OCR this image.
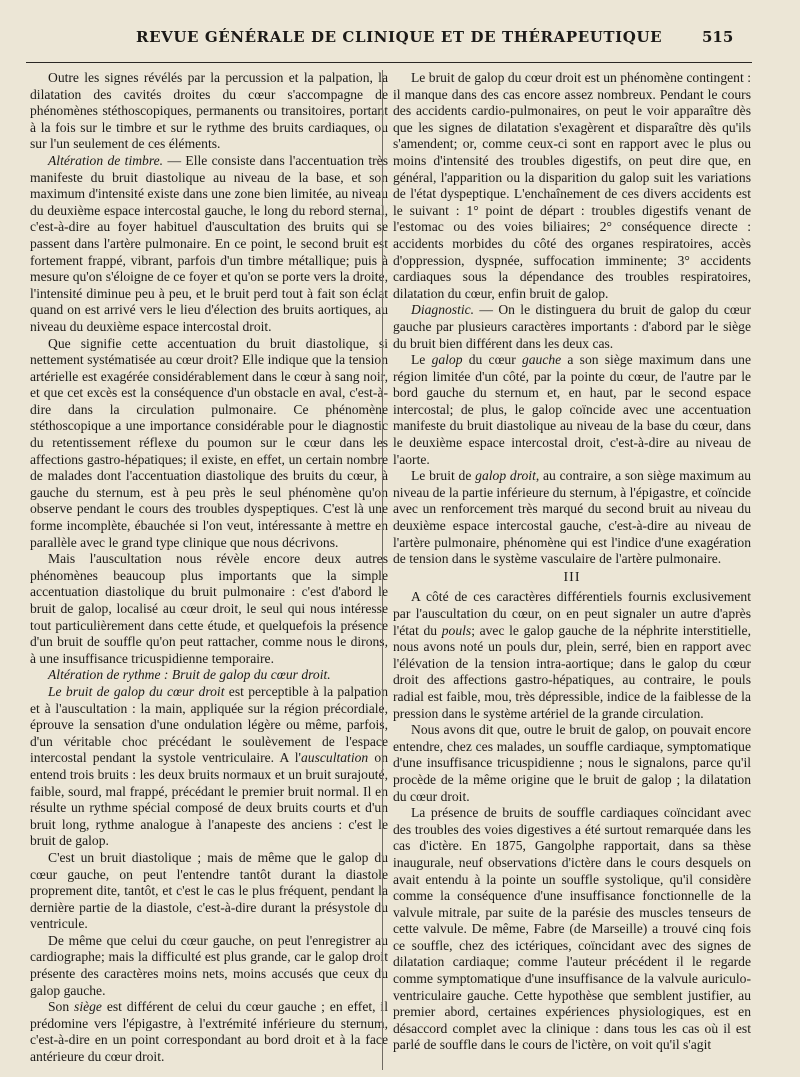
REVUE GÉNÉRALE DE CLINIQUE ET DE THÉRAPEUTIQUE	515

Outre les signes révélés par la percussion et la palpation, la dilatation des cavités droites du cœur s'accompagne de phénomènes stéthoscopiques, permanents ou transitoires, portant à la fois sur le timbre et sur le rythme des bruits cardiaques, ou sur l'un seulement de ces éléments.

Altération de timbre. — Elle consiste dans l'accentuation très manifeste du bruit diastolique au niveau de la base, et son maximum d'intensité existe dans une zone bien limitée, au niveau du deuxième espace intercostal gauche, le long du rebord sternal, c'est-à-dire au foyer habituel d'auscultation des bruits qui se passent dans l'artère pulmonaire. En ce point, le second bruit est fortement frappé, vibrant, parfois d'un timbre métallique; puis à mesure qu'on s'éloigne de ce foyer et qu'on se porte vers la droite, l'intensité diminue peu à peu, et le bruit perd tout à fait son éclat quand on est arrivé vers le lieu d'élection des bruits aortiques, au niveau du deuxième espace intercostal droit.

Que signifie cette accentuation du bruit diastolique, si nettement systématisée au cœur droit? Elle indique que la tension artérielle est exagérée considérablement dans le cœur à sang noir, et que cet excès est la conséquence d'un obstacle en aval, c'est-à-dire dans la circulation pulmonaire. Ce phénomène stéthoscopique a une importance considérable pour le diagnostic du retentissement réflexe du poumon sur le cœur dans les affections gastro-hépatiques; il existe, en effet, un certain nombre de malades dont l'accentuation diastolique des bruits du cœur, à gauche du sternum, est à peu près le seul phénomène qu'on observe pendant le cours des troubles dyspeptiques. C'est là une forme incomplète, ébauchée si l'on veut, intéressante à mettre en parallèle avec le grand type clinique que nous décrivons.

Mais l'auscultation nous révèle encore deux autres phénomènes beaucoup plus importants que la simple accentuation diastolique du bruit pulmonaire : c'est d'abord le bruit de galop, localisé au cœur droit, le seul qui nous intéresse tout particulièrement dans cette étude, et quelquefois la présence d'un bruit de souffle qu'on peut rattacher, comme nous le dirons, à une insuffisance tricuspidienne temporaire.

Altération de rythme : Bruit de galop du cœur droit.

Le bruit de galop du cœur droit est perceptible à la palpation et à l'auscultation : la main, appliquée sur la région précordiale, éprouve la sensation d'une ondulation légère ou même, parfois, d'un véritable choc précédant le soulèvement de l'espace intercostal pendant la systole ventriculaire. A l'auscultation on entend trois bruits : les deux bruits normaux et un bruit surajouté, faible, sourd, mal frappé, précédant le premier bruit normal. Il en résulte un rythme spécial composé de deux bruits courts et d'un bruit long, rythme analogue à l'anapeste des anciens : c'est le bruit de galop.

C'est un bruit diastolique ; mais de même que le galop du cœur gauche, on peut l'entendre tantôt durant la diastole proprement dite, tantôt, et c'est le cas le plus fréquent, pendant la dernière partie de la diastole, c'est-à-dire durant la présystole du ventricule.

De même que celui du cœur gauche, on peut l'enregistrer au cardiographe; mais la difficulté est plus grande, car le galop droit présente des caractères moins nets, moins accusés que ceux du galop gauche.

Son siège est différent de celui du cœur gauche ; en effet, il prédomine vers l'épigastre, à l'extrémité inférieure du sternum, c'est-à-dire en un point correspondant au bord droit et à la face antérieure du cœur droit.

Le bruit de galop du cœur droit est un phénomène contingent : il manque dans des cas encore assez nombreux. Pendant le cours des accidents cardio-pulmonaires, on peut le voir apparaître dès que les signes de dilatation s'exagèrent et disparaître dès qu'ils s'amendent; or, comme ceux-ci sont en rapport avec le plus ou moins d'intensité des troubles digestifs, on peut dire que, en général, l'apparition ou la disparition du galop suit les variations de l'état dyspeptique. L'enchaînement de ces divers accidents est le suivant : 1° point de départ : troubles digestifs venant de l'estomac ou des voies biliaires; 2° conséquence directe : accidents morbides du côté des organes respiratoires, accès d'oppression, dyspnée, suffocation imminente; 3° accidents cardiaques sous la dépendance des troubles respiratoires, dilatation du cœur, enfin bruit de galop.

Diagnostic. — On le distinguera du bruit de galop du cœur gauche par plusieurs caractères importants : d'abord par le siège du bruit bien différent dans les deux cas.

Le galop du cœur gauche a son siège maximum dans une région limitée d'un côté, par la pointe du cœur, de l'autre par le bord gauche du sternum et, en haut, par le second espace intercostal; de plus, le galop coïncide avec une accentuation manifeste du bruit diastolique au niveau de la base du cœur, dans le deuxième espace intercostal droit, c'est-à-dire au niveau de l'aorte.

Le bruit de galop droit, au contraire, a son siège maximum au niveau de la partie inférieure du sternum, à l'épigastre, et coïncide avec un renforcement très marqué du second bruit au niveau du deuxième espace intercostal gauche, c'est-à-dire au niveau de l'artère pulmonaire, phénomène qui est l'indice d'une exagération de tension dans le système vasculaire de l'artère pulmonaire.

III

A côté de ces caractères différentiels fournis exclusivement par l'auscultation du cœur, on en peut signaler un autre d'après l'état du pouls; avec le galop gauche de la néphrite interstitielle, nous avons noté un pouls dur, plein, serré, bien en rapport avec l'élévation de la tension intra-aortique; dans le galop du cœur droit des affections gastro-hépatiques, au contraire, le pouls radial est faible, mou, très dépressible, indice de la faiblesse de la pression dans le système artériel de la grande circulation.

Nous avons dit que, outre le bruit de galop, on pouvait encore entendre, chez ces malades, un souffle cardiaque, symptomatique d'une insuffisance tricuspidienne ; nous le signalons, parce qu'il procède de la même origine que le bruit de galop ; la dilatation du cœur droit.

La présence de bruits de souffle cardiaques coïncidant avec des troubles des voies digestives a été surtout remarquée dans les cas d'ictère. En 1875, Gangolphe rapportait, dans sa thèse inaugurale, neuf observations d'ictère dans le cours desquels on avait entendu à la pointe un souffle systolique, qu'il considère comme la conséquence d'une insuffisance fonctionnelle de la valvule mitrale, par suite de la parésie des muscles tenseurs de cette valvule. De même, Fabre (de Marseille) a trouvé cinq fois ce souffle, chez des ictériques, coïncidant avec des signes de dilatation cardiaque; comme l'auteur précédent il le regarde comme symptomatique d'une insuffisance de la valvule auriculo-ventriculaire gauche. Cette hypothèse que semblent justifier, au premier abord, certaines expériences physiologiques, est en désaccord complet avec la clinique : dans tous les cas où il est parlé de souffle dans le cours de l'ictère, on voit qu'il s'agit
